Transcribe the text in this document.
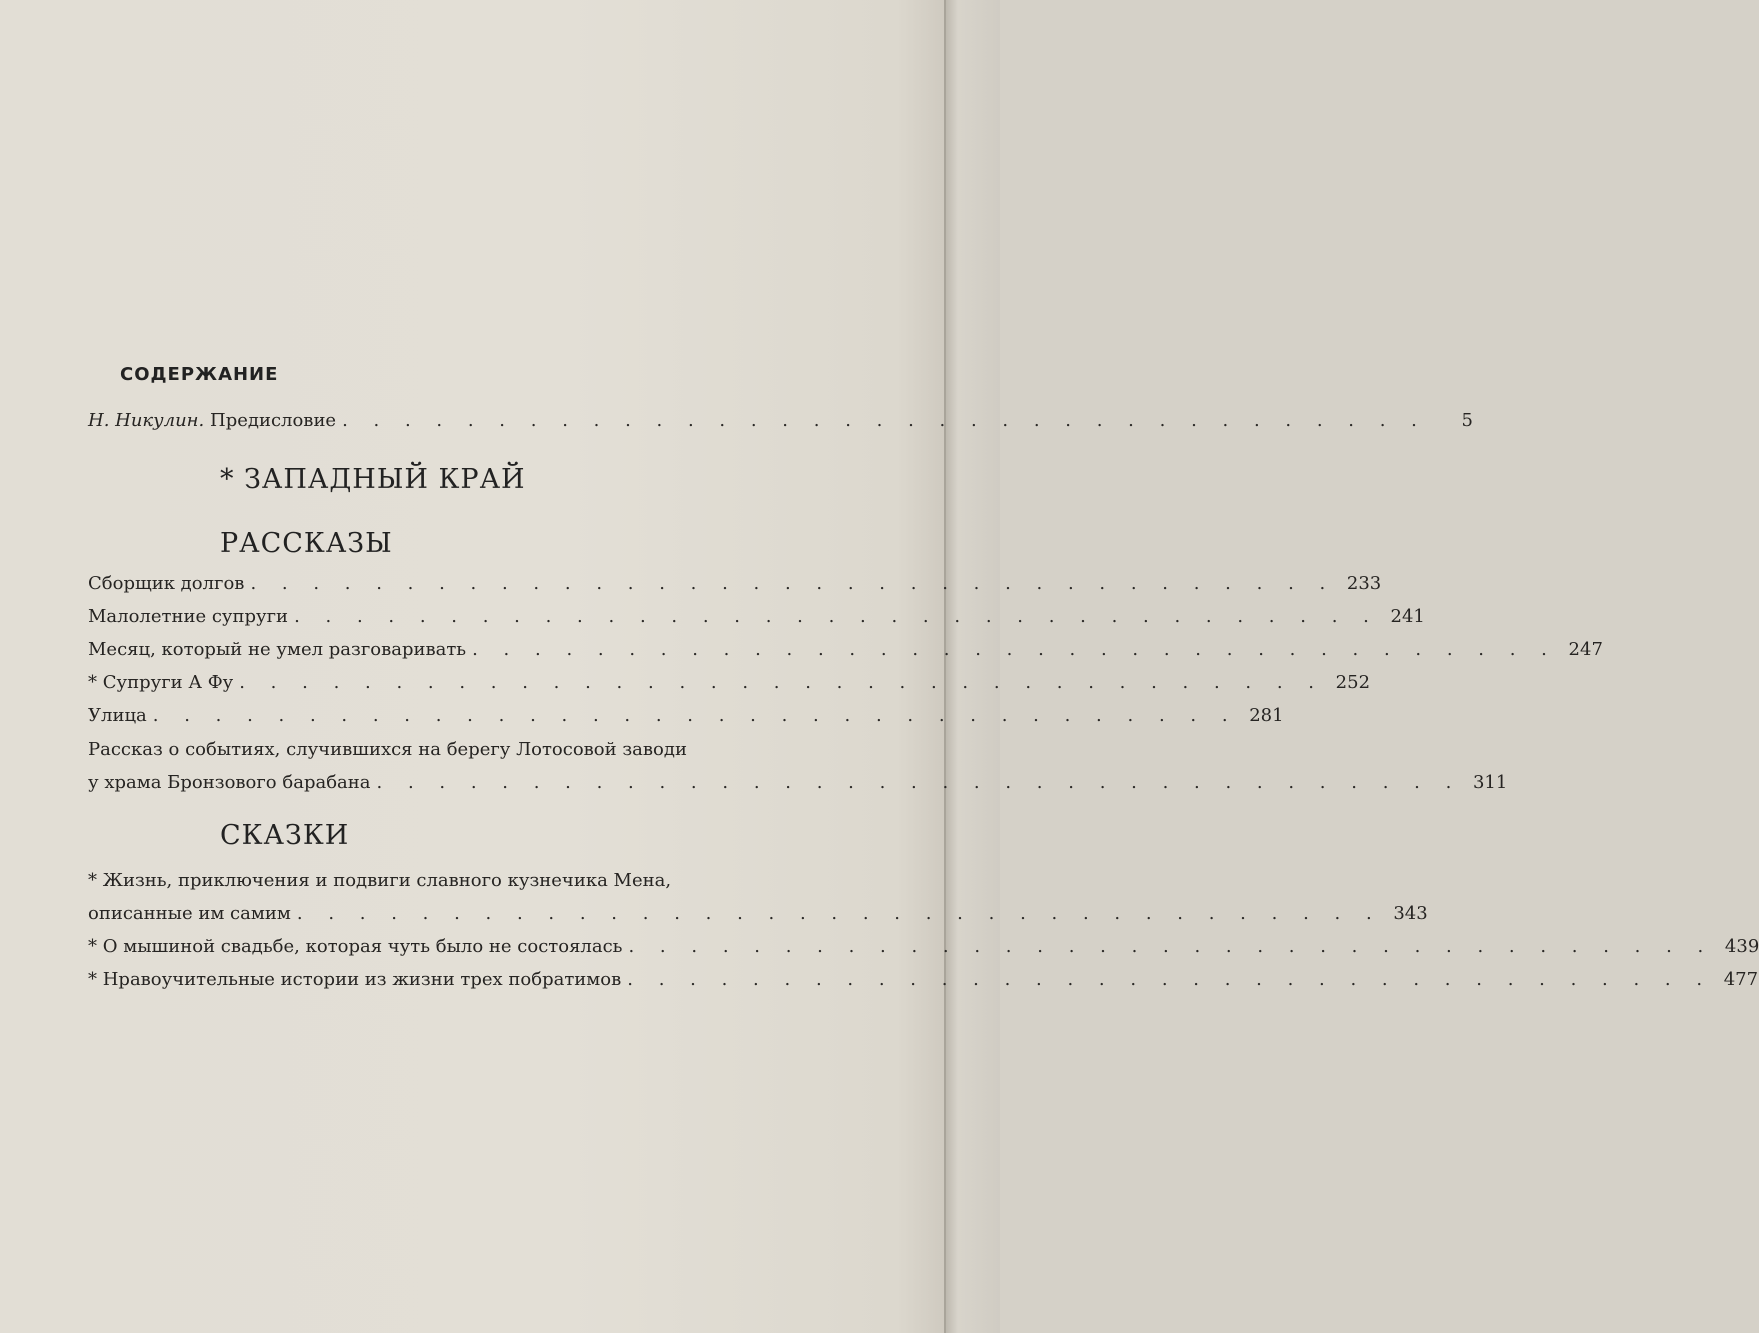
СОДЕРЖАНИЕ
Н. Никулин. Предисловие . . . . . . . . . . . . . . . . . . . . . . . . . . . . . . . . . . .	5
* ЗАПАДНЫЙ КРАЙ
РАССКАЗЫ
Сборщик долгов . . . . . . . . . . . . . . . . . . . . . . . . . . . . . . . . . . . 233
Малолетние супруги . . . . . . . . . . . . . . . . . . . . . . . . . . . . . . . . . . . 241
Месяц, который не умел разговаривать . . . . . . . . . . . . . . . . . . . . . . . . . . . . . . . . . . . 247
* Супруги А Фу . . . . . . . . . . . . . . . . . . . . . . . . . . . . . . . . . . . 252
Улица . . . . . . . . . . . . . . . . . . . . . . . . . . . . . . . . . . . 281
Рассказ о событиях, случившихся на берегу Лотосовой заводи
у храма Бронзового барабана . . . . . . . . . . . . . . . . . . . . . . . . . . . . . . . . . . . 311
СКАЗКИ
* Жизнь, приключения и подвиги славного кузнечика Мена,
описанные им самим . . . . . . . . . . . . . . . . . . . . . . . . . . . . . . . . . . . 343
* О мышиной свадьбе, которая чуть было не состоялась . . . . . . . . . . . . . . . . . . . . . . . . . . . . . . . . . . . 439
* Нравоучительные истории из жизни трех побратимов . . . . . . . . . . . . . . . . . . . . . . . . . . . . . . . . . . . 477
